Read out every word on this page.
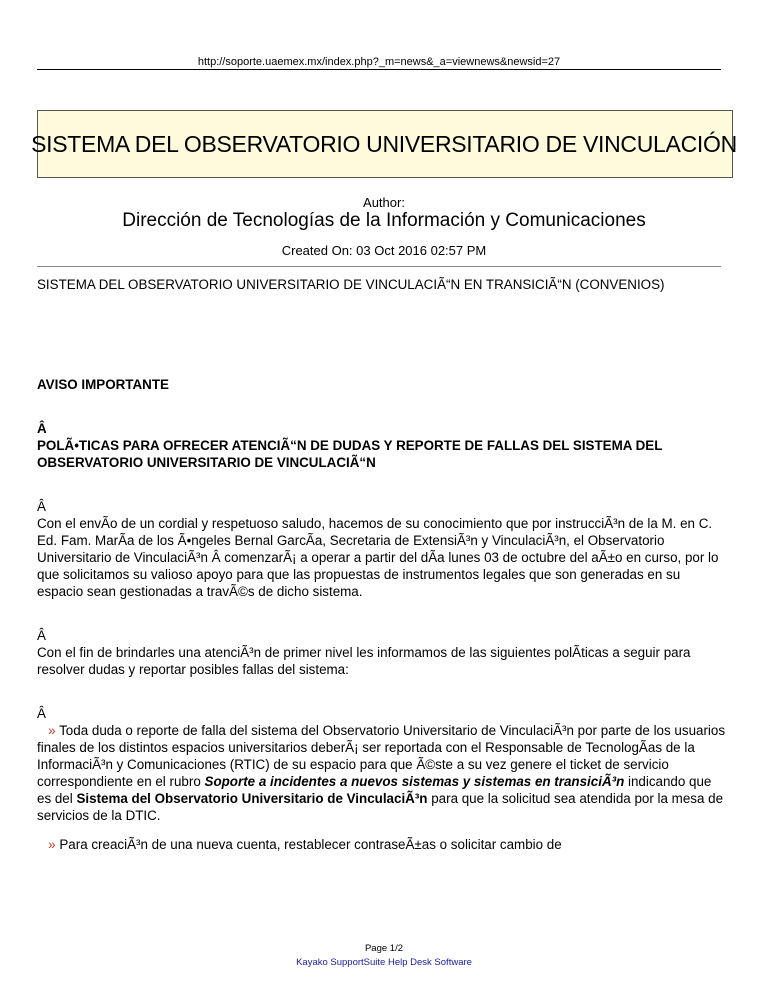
http://soporte.uaemex.mx/index.php?_m=news&_a=viewnews&newsid=27
SISTEMA DEL OBSERVATORIO UNIVERSITARIO DE VINCULACIÓN
Author:
Dirección de Tecnologías de la Información y Comunicaciones
Created On: 03 Oct 2016 02:57 PM

SISTEMA DEL OBSERVATORIO UNIVERSITARIO DE VINCULACIÃ“N EN TRANSICIÃ“N (CONVENIOS)

AVISO IMPORTANTE

Â

POLÃ•TICAS PARA OFRECER ATENCIÃ“N DE DUDAS Y REPORTE DE FALLAS DEL SISTEMA DEL OBSERVATORIO UNIVERSITARIO DE VINCULACIÃ“N

Â

Con el envÃo de un cordial y respetuoso saludo, hacemos de su conocimiento que por instrucciÃ³n de la M. en C. Ed. Fam. MarÃa de los Ã•ngeles Bernal GarcÃa, Secretaria de ExtensiÃ³n y VinculaciÃ³n, el Observatorio Universitario de VinculaciÃ³n Â comenzarÃ¡ a operar a partir del dÃa lunes 03 de octubre del aÃ±o en curso, por lo que solicitamos su valioso apoyo para que las propuestas de instrumentos legales que son generadas en su espacio sean gestionadas a travÃ©s de dicho sistema.

Â

Con el fin de brindarles una atenciÃ³n de primer nivel les informamos de las siguientes polÃticas a seguir para resolver dudas y reportar posibles fallas del sistema:

Â

» Toda duda o reporte de falla del sistema del Observatorio Universitario de VinculaciÃ³n por parte de los usuarios finales de los distintos espacios universitarios deberÃ¡ ser reportada con el Responsable de TecnologÃas de la InformaciÃ³n y Comunicaciones (RTIC) de su espacio para que Ã©ste a su vez genere el ticket de servicio correspondiente en el rubro Soporte a incidentes a nuevos sistemas y sistemas en transiciÃ³n indicando que es del Sistema del Observatorio Universitario de VinculaciÃ³n para que la solicitud sea atendida por la mesa de servicios de la DTIC.

» Para creaciÃ³n de una nueva cuenta, restablecer contraseÃ±as o solicitar cambio de

Page 1/2
Kayako SupportSuite Help Desk Software
